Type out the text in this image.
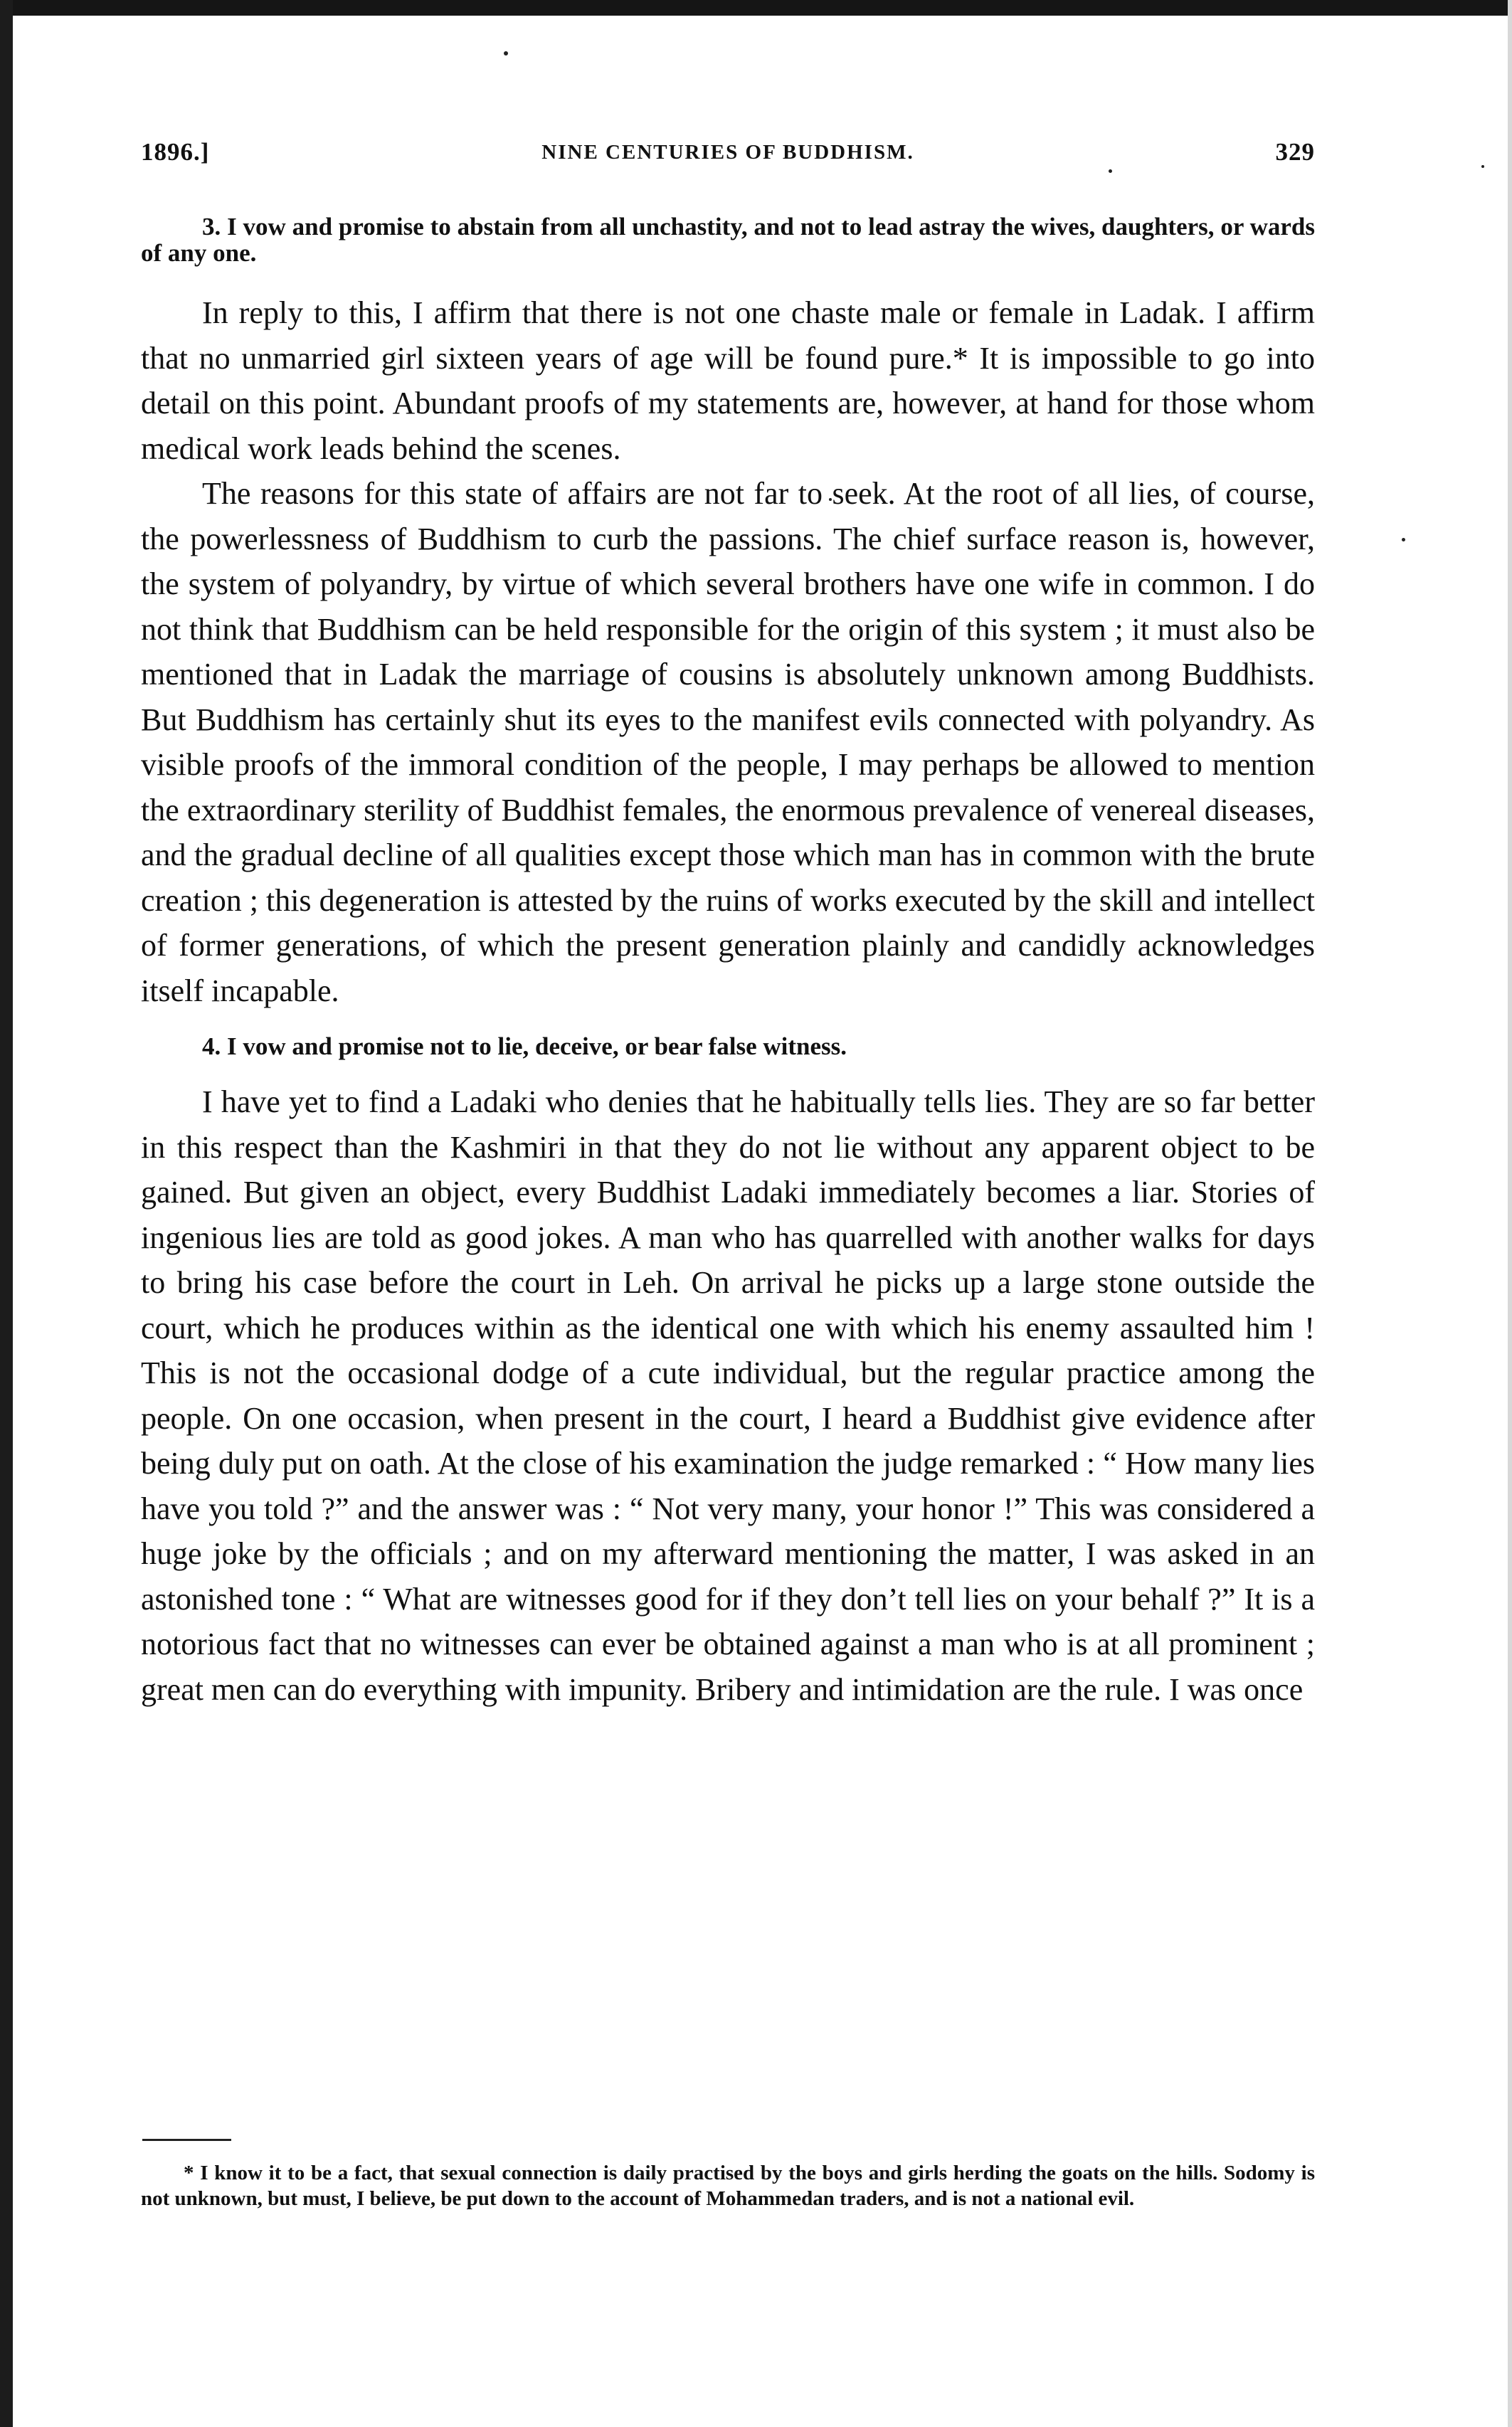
1896.]	NINE CENTURIES OF BUDDHISM.	329

3. I vow and promise to abstain from all unchastity, and not to lead astray the wives, daughters, or wards of any one.

In reply to this, I affirm that there is not one chaste male or female in Ladak. I affirm that no unmarried girl sixteen years of age will be found pure.* It is impossible to go into detail on this point. Abundant proofs of my statements are, however, at hand for those whom medical work leads behind the scenes.

The reasons for this state of affairs are not far to seek. At the root of all lies, of course, the powerlessness of Buddhism to curb the passions. The chief surface reason is, however, the system of polyandry, by virtue of which several brothers have one wife in common. I do not think that Buddhism can be held responsible for the origin of this system ; it must also be mentioned that in Ladak the marriage of cousins is absolutely unknown among Buddhists. But Buddhism has certainly shut its eyes to the manifest evils connected with polyandry. As visible proofs of the immoral condition of the people, I may perhaps be allowed to mention the extraordinary sterility of Buddhist females, the enormous prevalence of venereal diseases, and the gradual decline of all qualities except those which man has in common with the brute creation ; this degeneration is attested by the ruins of works executed by the skill and intellect of former generations, of which the present generation plainly and candidly acknowledges itself incapable.

4. I vow and promise not to lie, deceive, or bear false witness.

I have yet to find a Ladaki who denies that he habitually tells lies. They are so far better in this respect than the Kashmiri in that they do not lie without any apparent object to be gained. But given an object, every Buddhist Ladaki immediately becomes a liar. Stories of ingenious lies are told as good jokes. A man who has quarrelled with another walks for days to bring his case before the court in Leh. On arrival he picks up a large stone outside the court, which he produces within as the identical one with which his enemy assaulted him ! This is not the occasional dodge of a cute individual, but the regular practice among the people. On one occasion, when present in the court, I heard a Buddhist give evidence after being duly put on oath. At the close of his examination the judge remarked : “ How many lies have you told ?” and the answer was : “ Not very many, your honor !” This was considered a huge joke by the officials ; and on my afterward mentioning the matter, I was asked in an astonished tone : “ What are witnesses good for if they don’t tell lies on your behalf ?” It is a notorious fact that no witnesses can ever be obtained against a man who is at all prominent ; great men can do everything with impunity. Bribery and intimidation are the rule. I was once

* I know it to be a fact, that sexual connection is daily practised by the boys and girls herding the goats on the hills. Sodomy is not unknown, but must, I believe, be put down to the account of Mohammedan traders, and is not a national evil.
